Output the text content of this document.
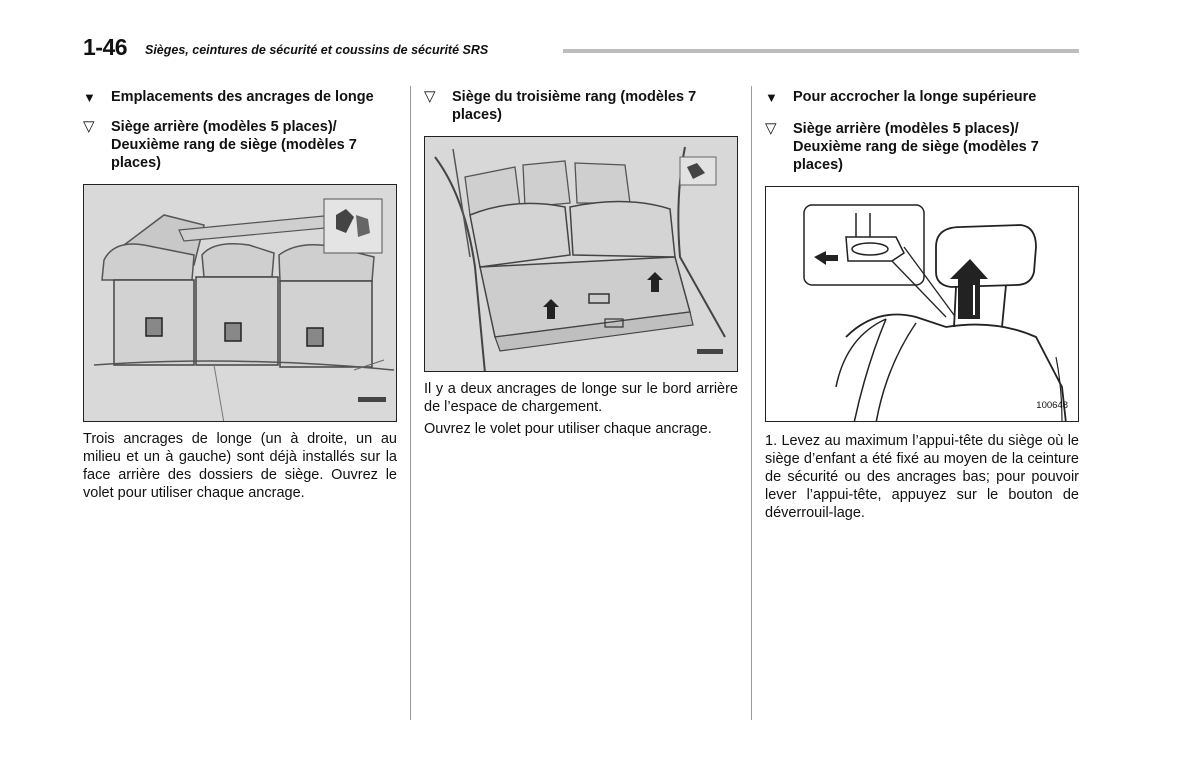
1-46 Sièges, ceintures de sécurité et coussins de sécurité SRS
▼ Emplacements des ancrages de longe
▽ Siège arrière (modèles 5 places)/ Deuxième rang de siège (modèles 7 places)

Trois ancrages de longe (un à droite, un au milieu et un à gauche) sont déjà installés sur la face arrière des dossiers de siège. Ouvrez le volet pour utiliser chaque ancrage.

▽ Siège du troisième rang (modèles 7 places)

Il y a deux ancrages de longe sur le bord arrière de l’espace de chargement.

Ouvrez le volet pour utiliser chaque ancrage.

▼ Pour accrocher la longe supérieure
▽ Siège arrière (modèles 5 places)/ Deuxième rang de siège (modèles 7 places)
100648

1. Levez au maximum l’appui-tête du siège où le siège d’enfant a été fixé au moyen de la ceinture de sécurité ou des ancrages bas; pour pouvoir lever l’appui-tête, appuyez sur le bouton de déverrouil-lage.
